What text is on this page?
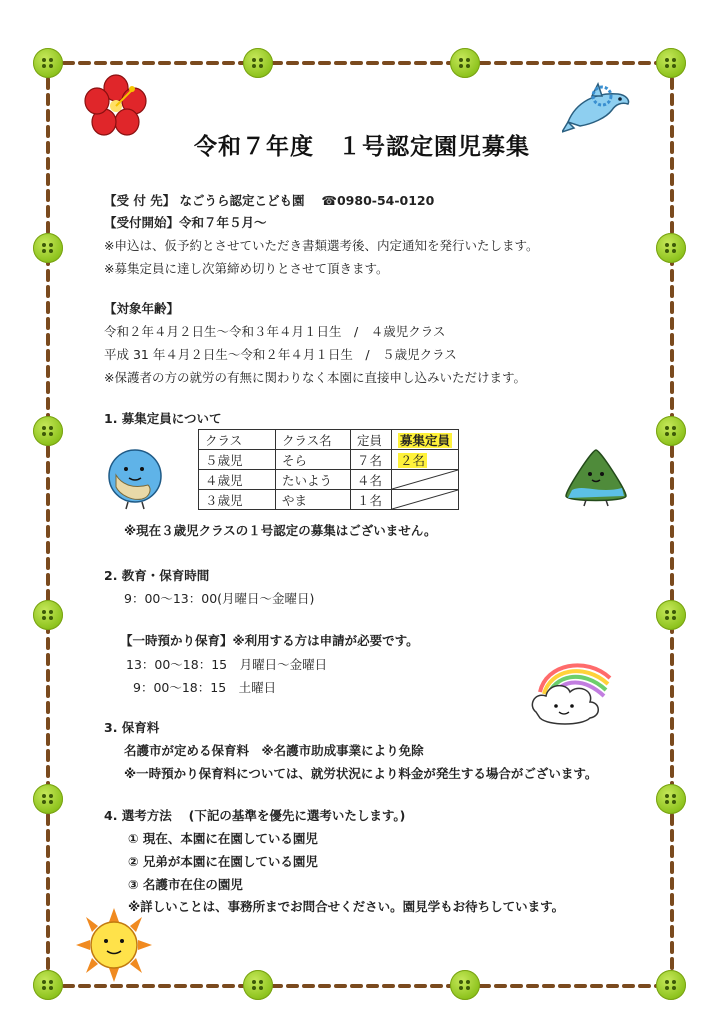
令和７年度　１号認定園児募集
【受 付 先】 なごうら認定こども園　 ☎0980-54-0120
【受付開始】令和７年５月～
※申込は、仮予約とさせていただき書類選考後、内定通知を発行いたします。
※募集定員に達し次第締め切りとさせて頂きます。
【対象年齢】
令和２年４月２日生～令和３年４月１日生　/　４歳児クラス
平成 31 年４月２日生～令和２年４月１日生　/　５歳児クラス
※保護者の方の就労の有無に関わりなく本園に直接申し込みいただけます。
1. 募集定員について
クラス	クラス名	定員	募集定員
５歳児	そら	７名	２名
４歳児	たいよう	４名	

３歳児	やま	１名	
※現在３歳児クラスの１号認定の募集はございません。
2. 教育・保育時間
9：00～13：00(月曜日～金曜日)
【一時預かり保育】※利用する方は申請が必要です。
13：00～18：15　月曜日～金曜日
9：00～18：15　土曜日
3. 保育料
名護市が定める保育料　※名護市助成事業により免除
※一時預かり保育料については、就労状況により料金が発生する場合がございます。
4. 選考方法　 (下記の基準を優先に選考いたします。)
① 現在、本園に在園している園児
② 兄弟が本園に在園している園児
③ 名護市在住の園児
※詳しいことは、事務所までお問合せください。園見学もお待ちしています。
